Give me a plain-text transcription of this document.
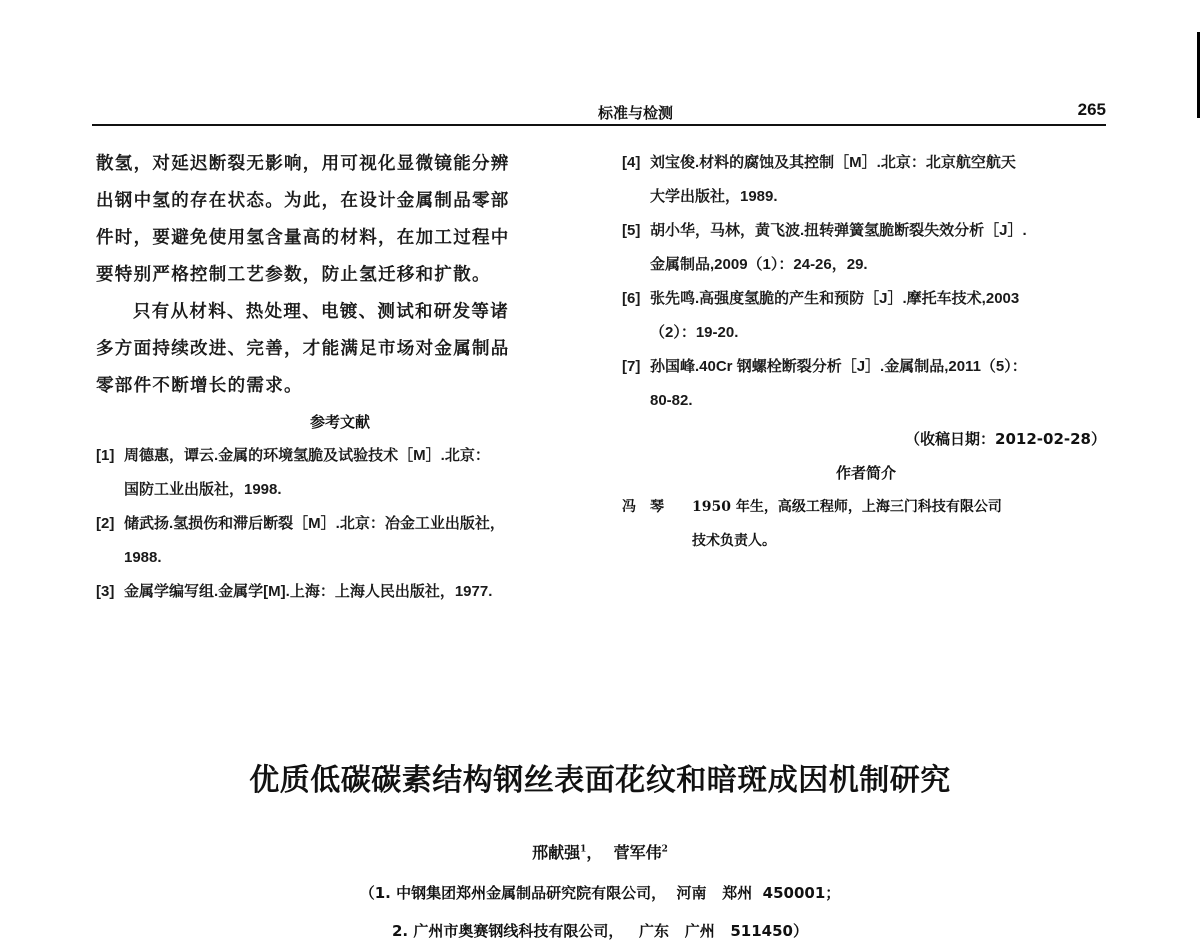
标准与检测	265
散氢，对延迟断裂无影响，用可视化显微镜能分辨
出钢中氢的存在状态。为此，在设计金属制品零部
件时，要避免使用氢含量高的材料，在加工过程中
要特别严格控制工艺参数，防止氢迁移和扩散。
只有从材料、热处理、电镀、测试和研发等诸
多方面持续改进、完善，才能满足市场对金属制品
零部件不断增长的需求。
参考文献
[1] 周德惠，谭云.金属的环境氢脆及试验技术［M］.北京：
国防工业出版社，1998.
[2] 储武扬.氢损伤和滞后断裂［M］.北京：冶金工业出版社，
1988.
[3] 金属学编写组.金属学[M].上海：上海人民出版社，1977.
[4] 刘宝俊.材料的腐蚀及其控制［M］.北京：北京航空航天
大学出版社，1989.
[5] 胡小华，马林，黄飞波.扭转弹簧氢脆断裂失效分析［J］.
金属制品,2009（1）：24-26，29.
[6] 张先鸣.高强度氢脆的产生和预防［J］.摩托车技术,2003
（2）：19-20.
[7] 孙国峰.40Cr 钢螺栓断裂分析［J］.金属制品,2011（5）：
80-82.
（收稿日期：2012-02-28）
作者简介
冯琴 1950 年生，高级工程师，上海三门科技有限公司
技术负责人。
优质低碳碳素结构钢丝表面花纹和暗斑成因机制研究
邢献强$^1$， 菅军伟$^2$
（1. 中钢集团郑州金属制品研究院有限公司，  河南   郑州  450001；
2. 广州市奥赛钢线科技有限公司，   广东   广州   511450）
